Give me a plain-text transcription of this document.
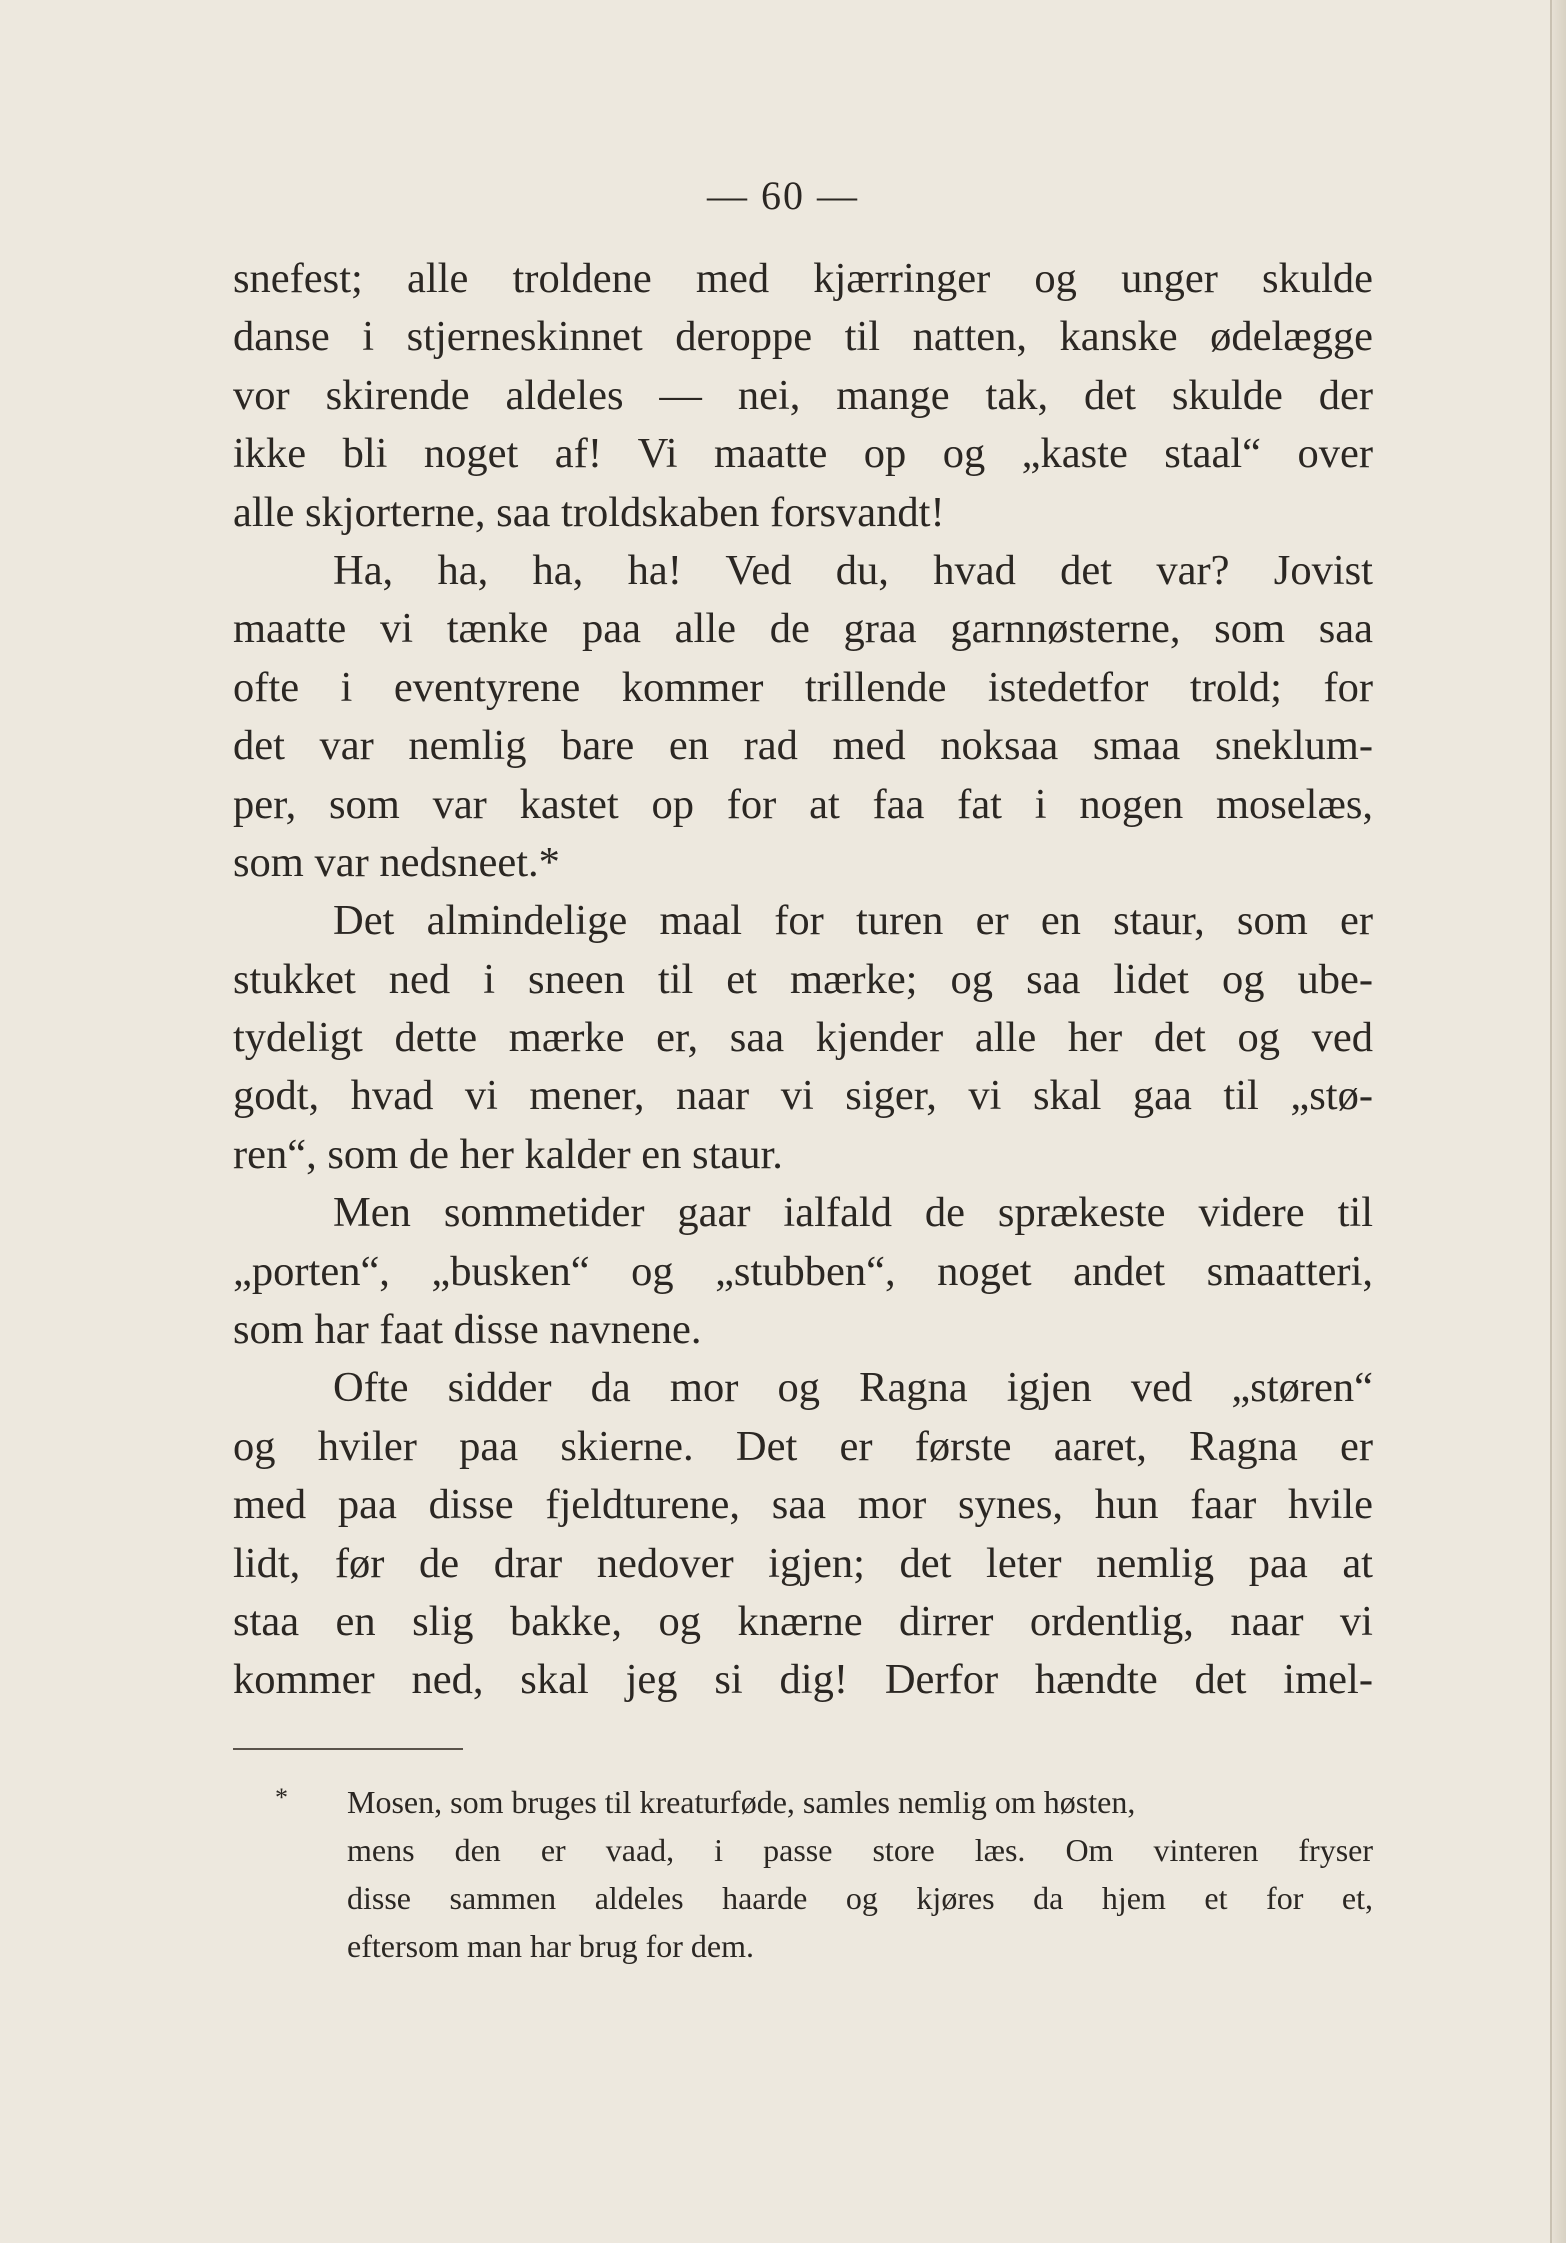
— 60 —
snefest; alle troldene med kjærringer og unger skulde
danse i stjerneskinnet deroppe til natten, kanske ødelægge
vor skirende aldeles — nei, mange tak, det skulde der
ikke bli noget af! Vi maatte op og „kaste staal“ over
alle skjorterne, saa troldskaben forsvandt!
Ha, ha, ha, ha! Ved du, hvad det var? Jovist
maatte vi tænke paa alle de graa garnnøsterne, som saa
ofte i eventyrene kommer trillende istedetfor trold; for
det var nemlig bare en rad med noksaa smaa sneklum-
per, som var kastet op for at faa fat i nogen moselæs,
som var nedsneet.*
Det almindelige maal for turen er en staur, som er
stukket ned i sneen til et mærke; og saa lidet og ube-
tydeligt dette mærke er, saa kjender alle her det og ved
godt, hvad vi mener, naar vi siger, vi skal gaa til „stø-
ren“, som de her kalder en staur.
Men sommetider gaar ialfald de sprækeste videre til
„porten“, „busken“ og „stubben“, noget andet smaatteri,
som har faat disse navnene.
Ofte sidder da mor og Ragna igjen ved „støren“
og hviler paa skierne. Det er første aaret, Ragna er
med paa disse fjeldturene, saa mor synes, hun faar hvile
lidt, før de drar nedover igjen; det leter nemlig paa at
staa en slig bakke, og knærne dirrer ordentlig, naar vi
kommer ned, skal jeg si dig! Derfor hændte det imel-
* Mosen, som bruges til kreaturføde, samles nemlig om høsten,
mens den er vaad, i passe store læs. Om vinteren fryser
disse sammen aldeles haarde og kjøres da hjem et for et,
eftersom man har brug for dem.
